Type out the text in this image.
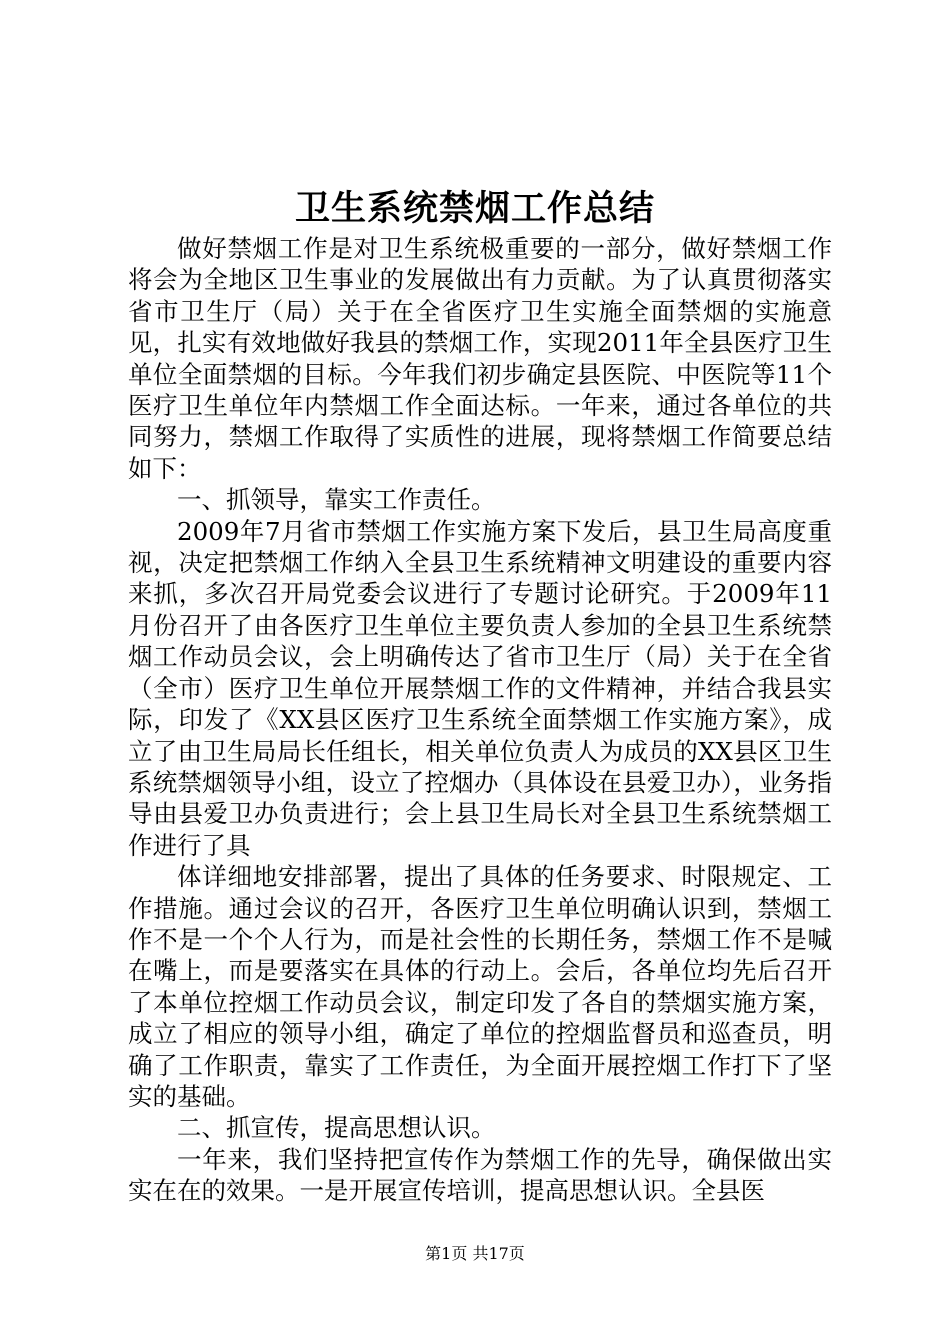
卫生系统禁烟工作总结

做好禁烟工作是对卫生系统极重要的一部分，做好禁烟工作将会为全地区卫生事业的发展做出有力贡献。为了认真贯彻落实省市卫生厅（局）关于在全省医疗卫生实施全面禁烟的实施意见，扎实有效地做好我县的禁烟工作，实现2011年全县医疗卫生单位全面禁烟的目标。今年我们初步确定县医院、中医院等11个医疗卫生单位年内禁烟工作全面达标。一年来，通过各单位的共同努力，禁烟工作取得了实质性的进展，现将禁烟工作简要总结如下：

一、抓领导，靠实工作责任。

2009年7月省市禁烟工作实施方案下发后，县卫生局高度重视，决定把禁烟工作纳入全县卫生系统精神文明建设的重要内容来抓，多次召开局党委会议进行了专题讨论研究。于2009年11月份召开了由各医疗卫生单位主要负责人参加的全县卫生系统禁烟工作动员会议，会上明确传达了省市卫生厅（局）关于在全省（全市）医疗卫生单位开展禁烟工作的文件精神，并结合我县实际，印发了《XX县区医疗卫生系统全面禁烟工作实施方案》，成立了由卫生局局长任组长，相关单位负责人为成员的XX县区卫生系统禁烟领导小组，设立了控烟办（具体设在县爱卫办），业务指导由县爱卫办负责进行；会上县卫生局长对全县卫生系统禁烟工作进行了具

体详细地安排部署，提出了具体的任务要求、时限规定、工作措施。通过会议的召开，各医疗卫生单位明确认识到，禁烟工作不是一个个人行为，而是社会性的长期任务，禁烟工作不是喊在嘴上，而是要落实在具体的行动上。会后，各单位均先后召开了本单位控烟工作动员会议，制定印发了各自的禁烟实施方案，成立了相应的领导小组，确定了单位的控烟监督员和巡查员，明确了工作职责，靠实了工作责任，为全面开展控烟工作打下了坚实的基础。

二、抓宣传，提高思想认识。

一年来，我们坚持把宣传作为禁烟工作的先导，确保做出实实在在的效果。一是开展宣传培训，提高思想认识。全县医

第1页 共17页
